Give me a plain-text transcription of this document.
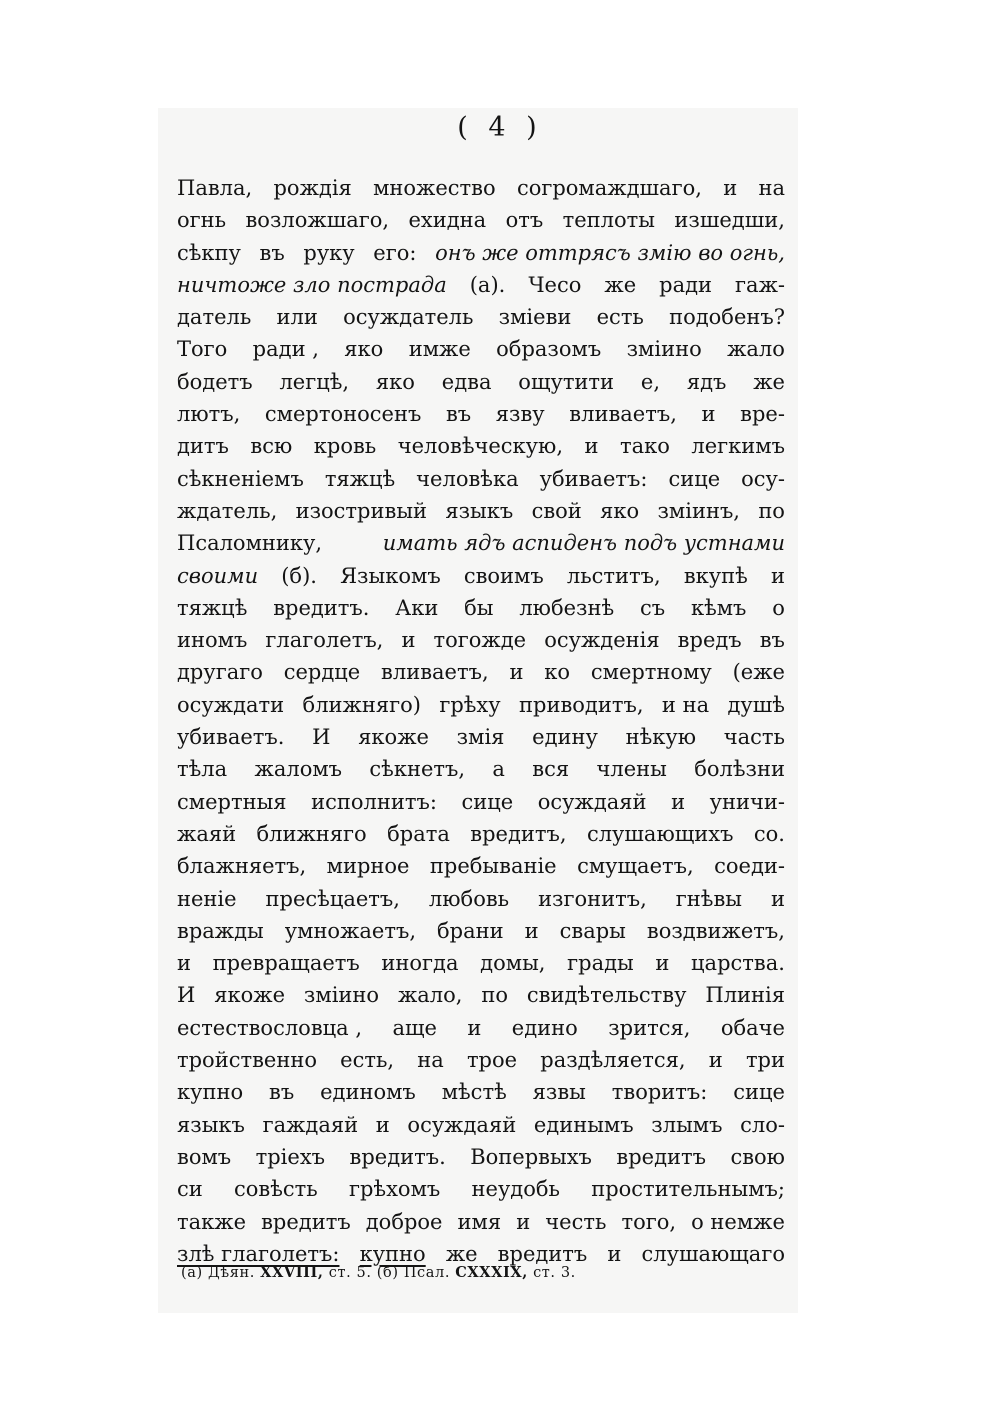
( 4 )
Павла, рождія множество согромаждшаго, и на
огнь возложшаго, ехидна отъ теплоты изшедши,
сѣкпу въ руку его: онъ же оттрясъ змію во огнь,
ничтоже зло пострада (а). Чесо же ради гаж-
датель или осуждатель зміеви есть подобенъ?
Того ради , яко имже образомъ зміино жало
бодетъ легцѣ, яко едва ощутити е, ядъ же
лютъ, смертоносенъ въ язву вливаетъ, и вре-
дитъ всю кровь человѣческую, и тако легкимъ
сѣкненіемъ тяжцѣ человѣка убиваетъ: сице осу-
ждатель, изостривый языкъ свой яко зміинъ, по
Псаломнику,	имать ядъ аспиденъ подъ устнами
своими (б). Языкомъ своимъ льститъ, вкупѣ и
тяжцѣ вредитъ. Аки бы любезнѣ съ кѣмъ о
иномъ глаголетъ, и тогожде осужденія вредъ въ
другаго сердце вливаетъ, и ко смертному (еже
осуждати ближняго) грѣху приводитъ, и на душѣ
убиваетъ. И якоже змія едину нѣкую часть
тѣла жаломъ сѣкнетъ, а вся члены болѣзни
смертныя исполнитъ: сице осуждаяй и уничи-
жаяй ближняго брата вредитъ, слушающихъ со.
блажняетъ, мирное пребываніе смущаетъ, соеди-
неніе пресѣцаетъ, любовь изгонитъ, гнѣвы и
вражды умножаетъ, брани и свары воздвижетъ,
и превращаетъ иногда домы, грады и царства.
И якоже зміино жало, по свидѣтельству Плинія
естествословца , аще и едино зрится, обаче
тройственно есть, на трое раздѣляется, и три
купно въ единомъ мѣстѣ язвы творитъ: сице
языкъ гаждаяй и осуждаяй единымъ злымъ сло-
вомъ тріехъ вредитъ. Вопервыхъ вредитъ свою
си совѣсть грѣхомъ неудобь простительнымъ;
также вредитъ доброе имя и честь того, о немже
злѣ глаголетъ: купно же вредитъ и слушающаго
(а) Дѣян. XXVIII, ст. 5. (б) Псал. CXXXIX, ст. 3.
